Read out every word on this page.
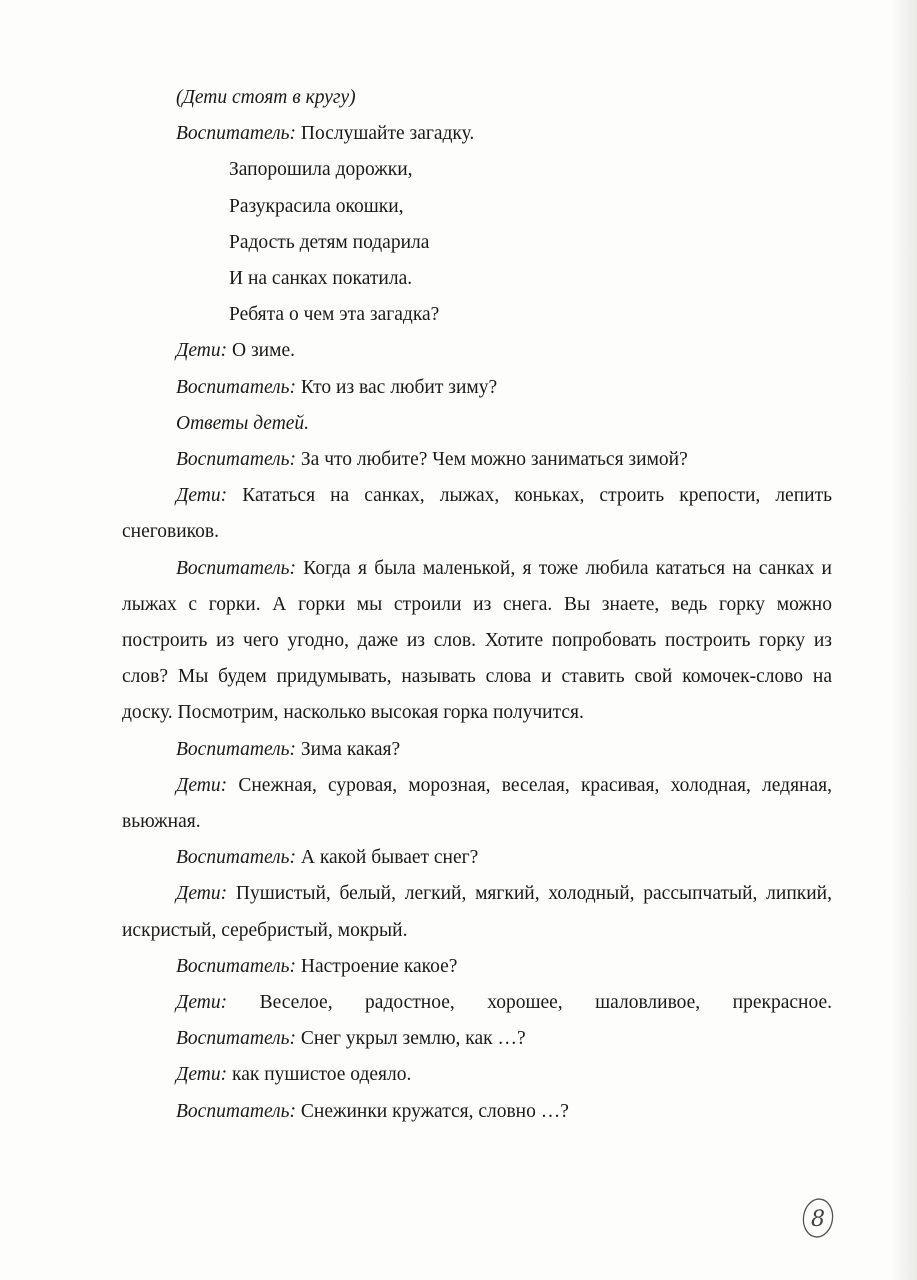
(Дети стоят в кругу)

Воспитатель: Послушайте загадку.

Запорошила дорожки,

Разукрасила окошки,

Радость детям подарила

И на санках покатила.

Ребята о чем эта загадка?

Дети: О зиме.

Воспитатель: Кто из вас любит зиму?

Ответы детей.

Воспитатель: За что любите? Чем можно заниматься зимой?

Дети: Кататься на санках, лыжах, коньках, строить крепости, лепить снеговиков.

Воспитатель: Когда я была маленькой, я тоже любила кататься на санках и лыжах с горки. А горки мы строили из снега. Вы знаете, ведь горку можно построить из чего угодно, даже из слов. Хотите попробовать построить горку из слов? Мы будем придумывать, называть слова и ставить свой комочек-слово на доску. Посмотрим, насколько высокая горка получится.

Воспитатель: Зима какая?

Дети: Снежная, суровая, морозная, веселая, красивая, холодная, ледяная, вьюжная.

Воспитатель: А какой бывает снег?

Дети: Пушистый, белый, легкий, мягкий, холодный, рассыпчатый, липкий, искристый, серебристый, мокрый.

Воспитатель: Настроение какое?

Дети: Веселое, радостное, хорошее, шаловливое, прекрасное.

Воспитатель: Снег укрыл землю, как …?

Дети: как пушистое одеяло.

Воспитатель: Снежинки кружатся, словно …?

8
